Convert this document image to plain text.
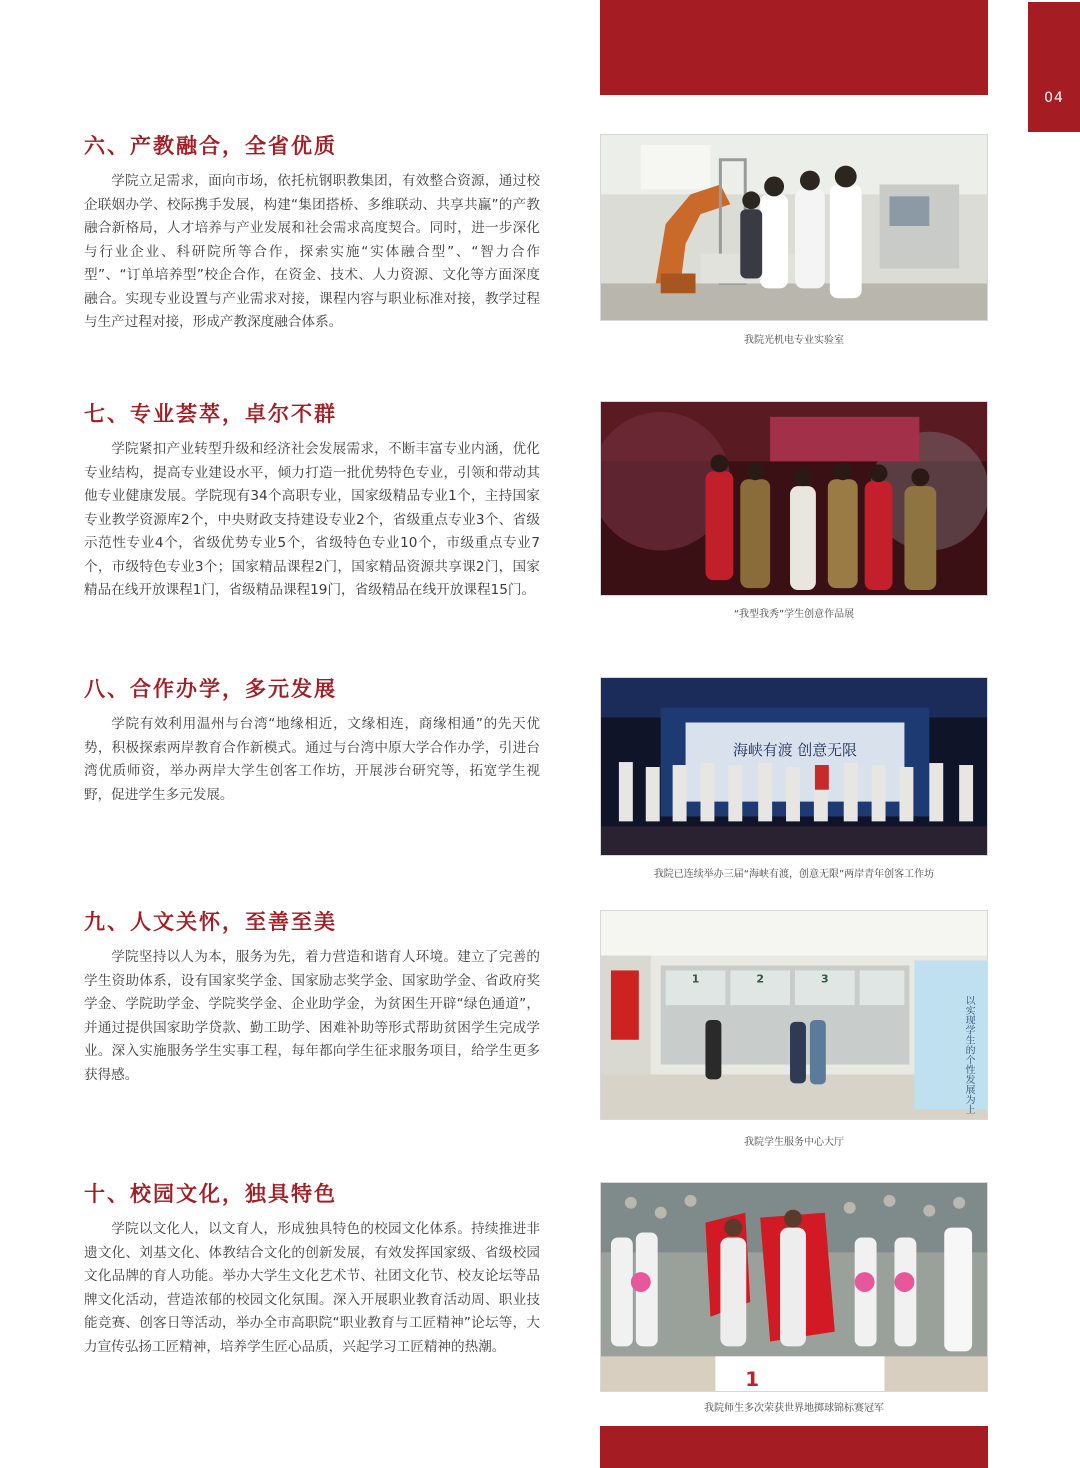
04
六、产教融合，全省优质

学院立足需求，面向市场，依托杭钢职教集团，有效整合资源，通过校企联姻办学、校际携手发展，构建“集团搭桥、多维联动、共享共赢”的产教融合新格局，人才培养与产业发展和社会需求高度契合。同时，进一步深化与行业企业、科研院所等合作，探索实施“实体融合型”、“智力合作型”、“订单培养型”校企合作，在资金、技术、人力资源、文化等方面深度融合。实现专业设置与产业需求对接，课程内容与职业标准对接，教学过程与生产过程对接，形成产教深度融合体系。

我院光机电专业实验室
七、专业荟萃，卓尔不群

学院紧扣产业转型升级和经济社会发展需求，不断丰富专业内涵，优化专业结构，提高专业建设水平，倾力打造一批优势特色专业，引领和带动其他专业健康发展。学院现有34个高职专业，国家级精品专业1个，主持国家专业教学资源库2个，中央财政支持建设专业2个，省级重点专业3个、省级示范性专业4个，省级优势专业5个，省级特色专业10个，市级重点专业7个，市级特色专业3个；国家精品课程2门，国家精品资源共享课2门，国家精品在线开放课程1门，省级精品课程19门，省级精品在线开放课程15门。

“我型我秀”学生创意作品展
八、合作办学，多元发展

学院有效利用温州与台湾“地缘相近，文缘相连，商缘相通”的先天优势，积极探索两岸教育合作新模式。通过与台湾中原大学合作办学，引进台湾优质师资，举办两岸大学生创客工作坊，开展涉台研究等，拓宽学生视野，促进学生多元发展。

海峡有渡 创意无限
我院已连续举办三届“海峡有渡，创意无限”两岸青年创客工作坊
九、人文关怀，至善至美

学院坚持以人为本，服务为先，着力营造和谐育人环境。建立了完善的学生资助体系，设有国家奖学金、国家励志奖学金、国家助学金、省政府奖学金、学院助学金、学院奖学金、企业助学金，为贫困生开辟“绿色通道”，并通过提供国家助学贷款、勤工助学、困难补助等形式帮助贫困学生完成学业。深入实施服务学生实事工程，每年都向学生征求服务项目，给学生更多获得感。

1	2	3
以实现学生的个性发展为上
我院学生服务中心大厅
十、校园文化，独具特色

学院以文化人，以文育人，形成独具特色的校园文化体系。持续推进非遗文化、刘基文化、体教结合文化的创新发展，有效发挥国家级、省级校园文化品牌的育人功能。举办大学生文化艺术节、社团文化节、校友论坛等品牌文化活动，营造浓郁的校园文化氛围。深入开展职业教育活动周、职业技能竞赛、创客日等活动，举办全市高职院“职业教育与工匠精神”论坛等，大力宣传弘扬工匠精神，培养学生匠心品质，兴起学习工匠精神的热潮。

1
我院师生多次荣获世界地掷球锦标赛冠军
